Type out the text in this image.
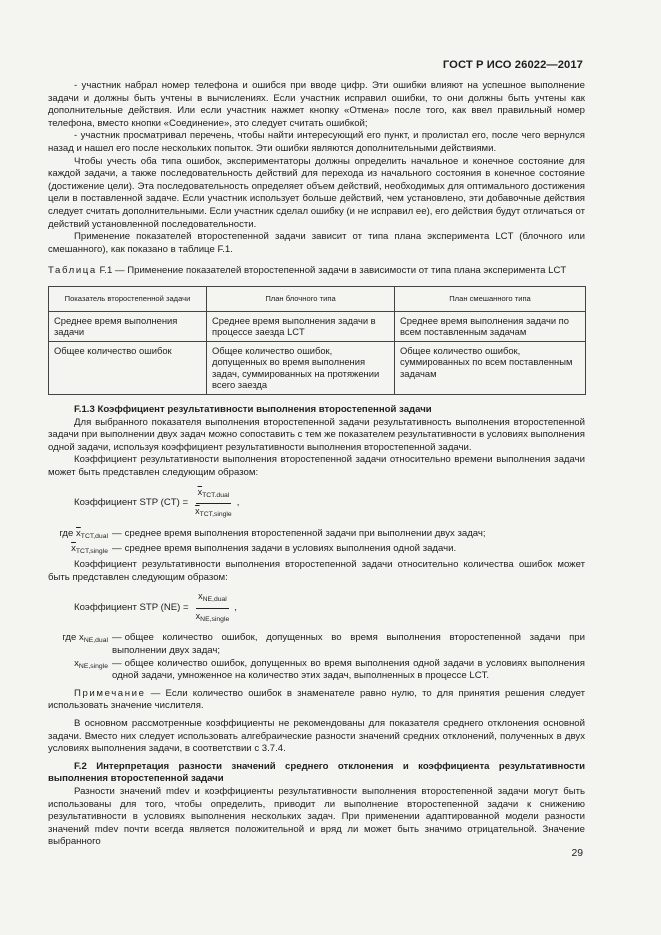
ГОСТ Р ИСО 26022—2017

- участник набрал номер телефона и ошибся при вводе цифр. Эти ошибки влияют на успешное выполнение задачи и должны быть учтены в вычислениях. Если участник исправил ошибки, то они должны быть учтены как дополнительные действия. Или если участник нажмет кнопку «Отмена» после того, как ввел правильный номер телефона, вместо кнопки «Соединение», это следует считать ошибкой;

- участник просматривал перечень, чтобы найти интересующий его пункт, и пролистал его, после чего вернулся назад и нашел его после нескольких попыток. Эти ошибки являются дополнительными действиями.

Чтобы учесть оба типа ошибок, экспериментаторы должны определить начальное и конечное состояние для каждой задачи, а также последовательность действий для перехода из начального состояния в конечное состояние (достижение цели). Эта последовательность определяет объем действий, необходимых для оптимального достижения цели в поставленной задаче. Если участник использует больше действий, чем установлено, эти добавочные действия следует считать дополнительными. Если участник сделал ошибку (и не исправил ее), его действия будут отличаться от действий установленной последовательности.

Применение показателей второстепенной задачи зависит от типа плана эксперимента LCT (блочного или смешанного), как показано в таблице F.1.

Таблица F.1 — Применение показателей второстепенной задачи в зависимости от типа плана эксперимента LCT

Показатель второстепенной задачи	План блочного типа	План смешанного типа
Среднее время выполнения задачи	Среднее время выполнения задачи в процессе заезда LCT	Среднее время выполнения задачи по всем поставленным задачам
Общее количество ошибок	Общее количество ошибок, допущенных во время выполнения задач, суммированных на протяжении всего заезда	Общее количество ошибок, суммированных по всем поставленным задачам

F.1.3 Коэффициент результативности выполнения второстепенной задачи

Для выбранного показателя выполнения второстепенной задачи результативность выполнения второстепенной задачи при выполнении двух задач можно сопоставить с тем же показателем результативности в условиях выполнения одной задачи, используя коэффициент результативности выполнения второстепенной задачи.

Коэффициент результативности выполнения второстепенной задачи относительно времени выполнения задачи может быть представлен следующим образом:

Коэффициент STP $(CT) = \frac{\overline{x}_{TCT.dual}}{\overline{x}_{TCT,single}}$ ,
где $\overline{x}_{TCT,dual}$ — среднее время выполнения второстепенной задачи при выполнении двух задач;
$\overline{x}_{TCT,single}$ — среднее время выполнения задачи в условиях выполнения одной задачи.

Коэффициент результативности выполнения второстепенной задачи относительно количества ошибок может быть представлен следующим образом:

Коэффициент STP $(NE) = \frac{x_{NE,dual}}{x_{NE,single}}$ ,
где $x_{NE,dual}$ — общее количество ошибок, допущенных во время выполнения второстепенной задачи при выполнении двух задач;
$x_{NE,single}$ — общее количество ошибок, допущенных во время выполнения одной задачи в условиях выполнения одной задачи, умноженное на количество этих задач, выполненных в процессе LCT.

Примечание — Если количество ошибок в знаменателе равно нулю, то для принятия решения следует использовать значение числителя.

В основном рассмотренные коэффициенты не рекомендованы для показателя среднего отклонения основной задачи. Вместо них следует использовать алгебраические разности значений средних отклонений, полученных в двух условиях выполнения задачи, в соответствии с 3.7.4.

F.2 Интерпретация разности значений среднего отклонения и коэффициента результативности выполнения второстепенной задачи

Разности значений mdev и коэффициенты результативности выполнения второстепенной задачи могут быть использованы для того, чтобы определить, приводит ли выполнение второстепенной задачи к снижению результативности в условиях выполнения нескольких задач. При применении адаптированной модели разности значений mdev почти всегда является положительной и вряд ли может быть значимо отрицательной. Значение выбранного

29
